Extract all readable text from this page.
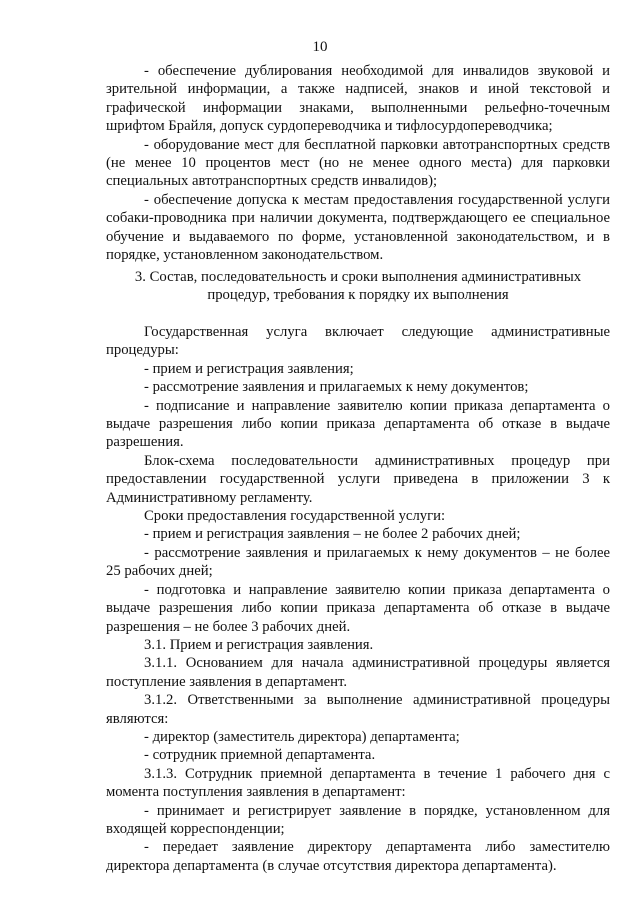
10

- обеспечение дублирования необходимой для инвалидов звуковой и зрительной информации, а также надписей, знаков и иной текстовой и графической информации знаками, выполненными рельефно-точечным шрифтом Брайля, допуск сурдопереводчика и тифлосурдопереводчика;

- оборудование мест для бесплатной парковки автотранспортных средств (не менее 10 процентов мест (но не менее одного места) для парковки специальных автотранспортных средств инвалидов);

- обеспечение допуска к местам предоставления государственной услуги собаки-проводника при наличии документа, подтверждающего ее специальное обучение и выдаваемого по форме, установленной законодательством, и в порядке, установленном законодательством.

3. Состав, последовательность и сроки выполнения административных

процедур, требования к порядку их выполнения

Государственная услуга включает следующие административные процедуры:

- прием и регистрация заявления;

- рассмотрение заявления и прилагаемых к нему документов;

- подписание и направление заявителю копии приказа департамента о выдаче разрешения либо копии приказа департамента об отказе в выдаче разрешения.

Блок-схема последовательности административных процедур при предоставлении государственной услуги приведена в приложении 3 к Административному регламенту.

Сроки предоставления государственной услуги:

- прием и регистрация заявления – не более 2 рабочих дней;

- рассмотрение заявления и прилагаемых к нему документов – не более 25 рабочих дней;

- подготовка и направление заявителю копии приказа департамента о выдаче разрешения либо копии приказа департамента об отказе в выдаче разрешения – не более 3 рабочих дней.

3.1. Прием и регистрация заявления.

3.1.1. Основанием для начала административной процедуры является поступление заявления в департамент.

3.1.2. Ответственными за выполнение административной процедуры являются:

- директор (заместитель директора) департамента;

- сотрудник приемной департамента.

3.1.3. Сотрудник приемной департамента в течение 1 рабочего дня с момента поступления заявления в департамент:

- принимает и регистрирует заявление в порядке, установленном для входящей корреспонденции;

- передает заявление директору департамента либо заместителю директора департамента (в случае отсутствия директора департамента).
